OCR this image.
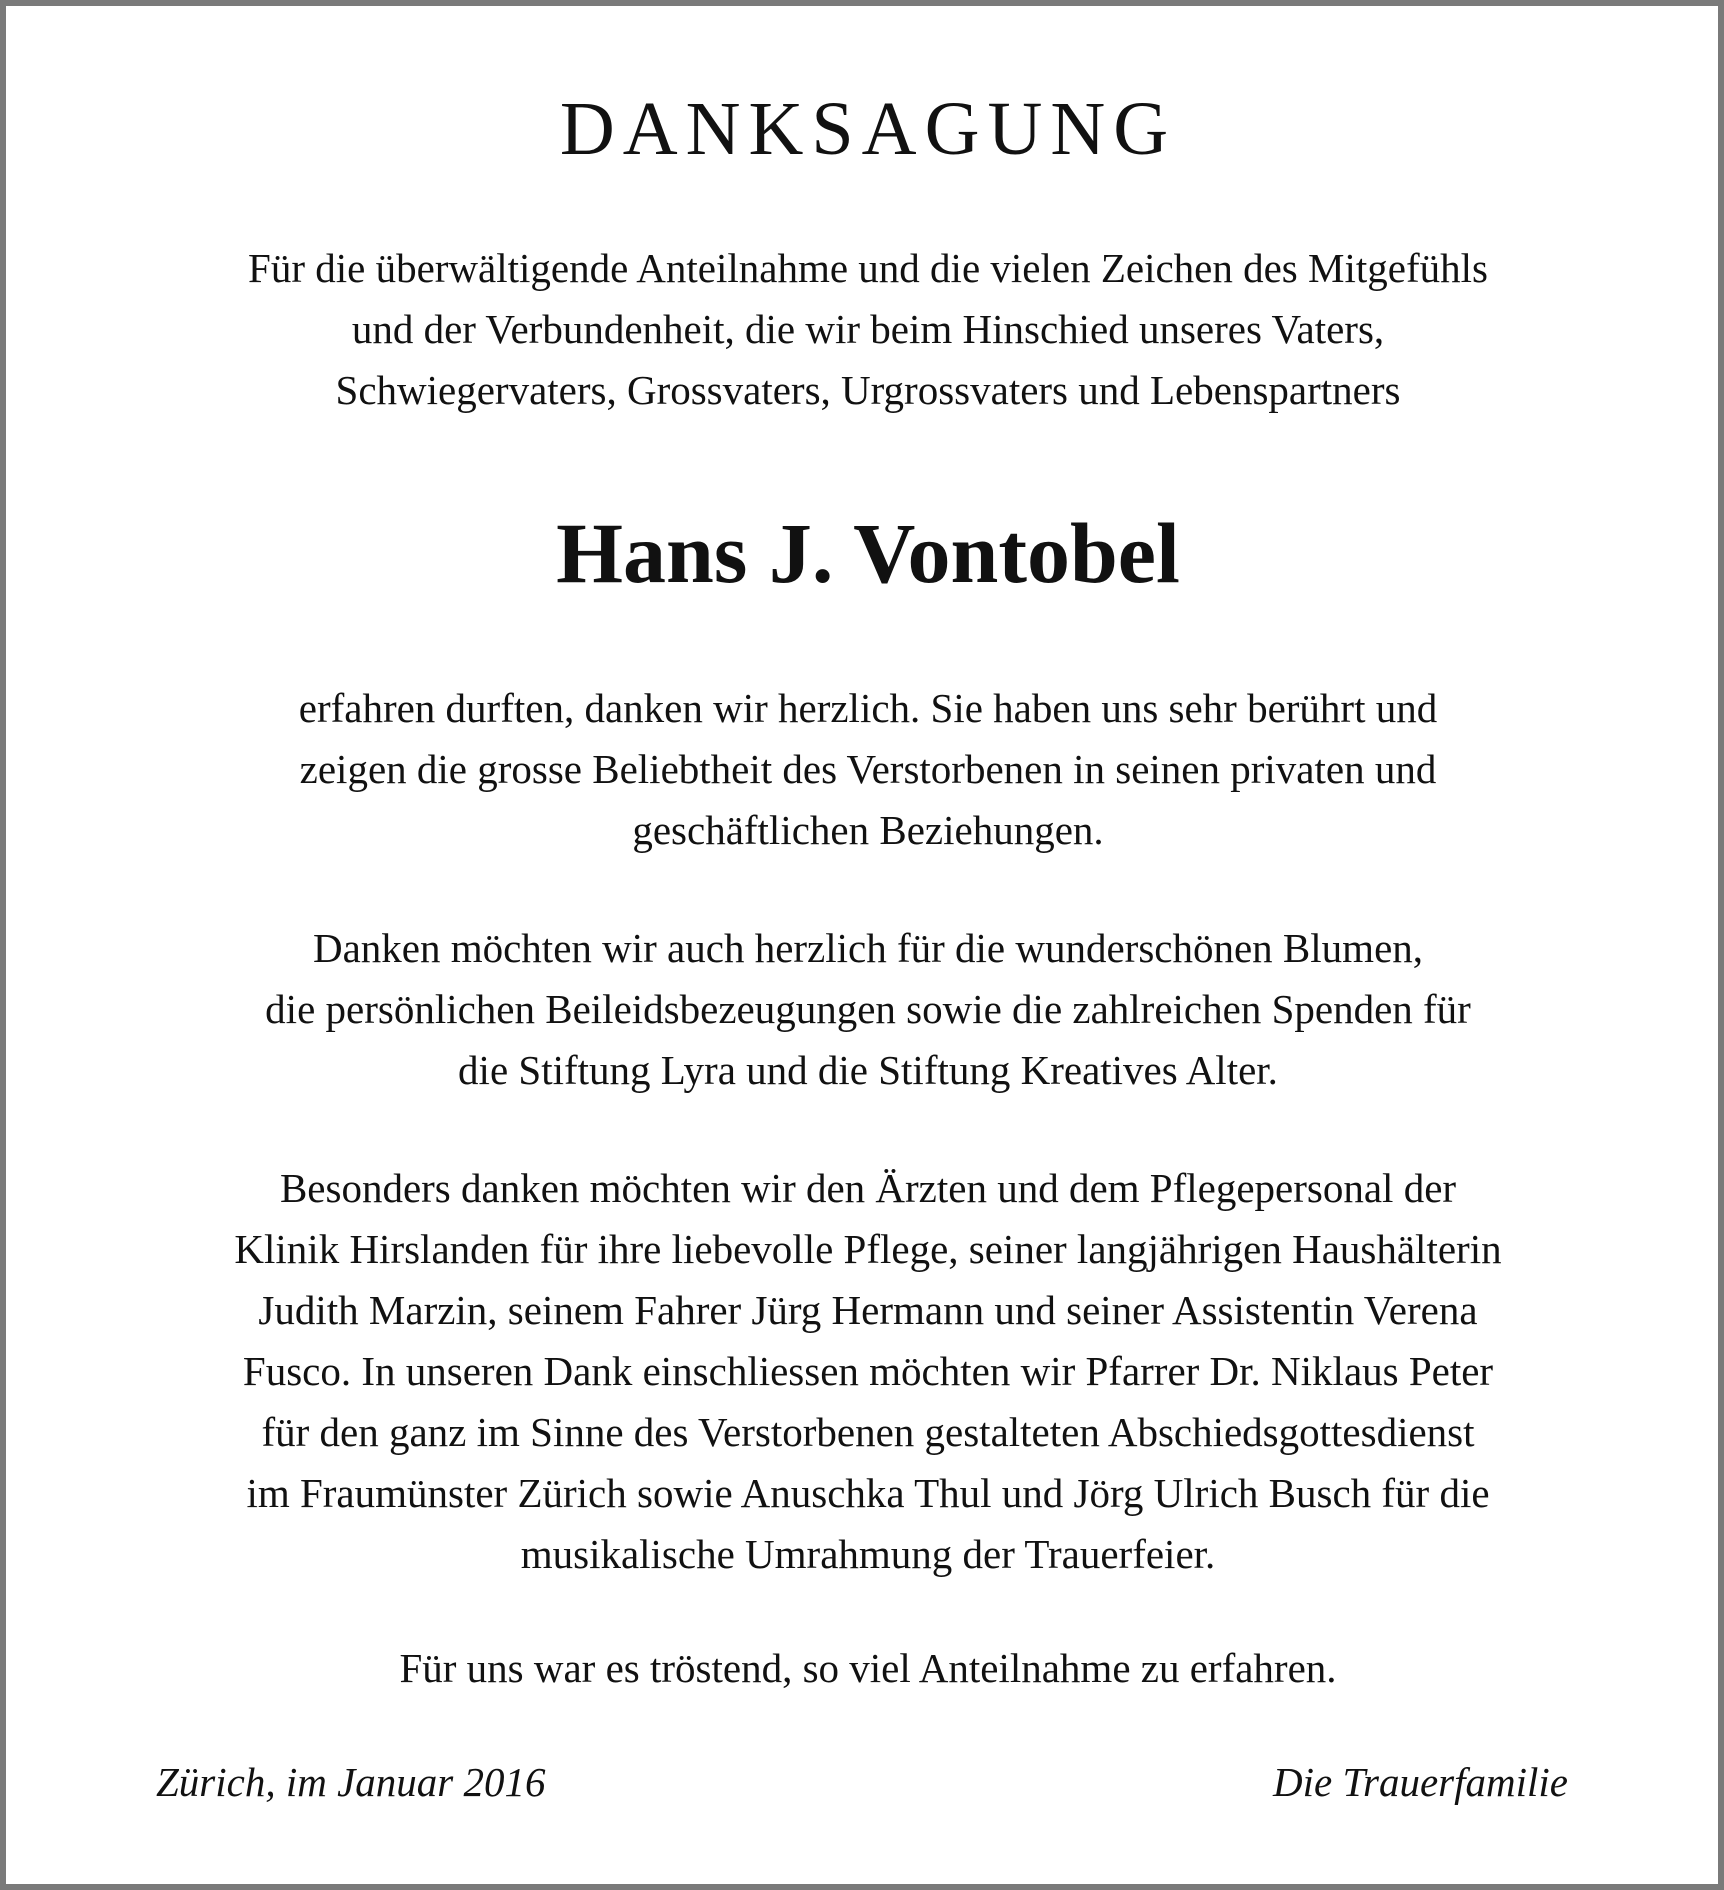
DANKSAGUNG
Für die überwältigende Anteilnahme und die vielen Zeichen des Mitgefühls
und der Verbundenheit, die wir beim Hinschied unseres Vaters,
Schwiegervaters, Grossvaters, Urgrossvaters und Lebenspartners
Hans J. Vontobel
erfahren durften, danken wir herzlich. Sie haben uns sehr berührt und
zeigen die grosse Beliebtheit des Verstorbenen in seinen privaten und
geschäftlichen Beziehungen.
Danken möchten wir auch herzlich für die wunderschönen Blumen,
die persönlichen Beileidsbezeugungen sowie die zahlreichen Spenden für
die Stiftung Lyra und die Stiftung Kreatives Alter.
Besonders danken möchten wir den Ärzten und dem Pflegepersonal der
Klinik Hirslanden für ihre liebevolle Pflege, seiner langjährigen Haushälterin
Judith Marzin, seinem Fahrer Jürg Hermann und seiner Assistentin Verena
Fusco. In unseren Dank einschliessen möchten wir Pfarrer Dr. Niklaus Peter
für den ganz im Sinne des Verstorbenen gestalteten Abschiedsgottesdienst
im Fraumünster Zürich sowie Anuschka Thul und Jörg Ulrich Busch für die
musikalische Umrahmung der Trauerfeier.
Für uns war es tröstend, so viel Anteilnahme zu erfahren.
Zürich, im Januar 2016	Die Trauerfamilie
